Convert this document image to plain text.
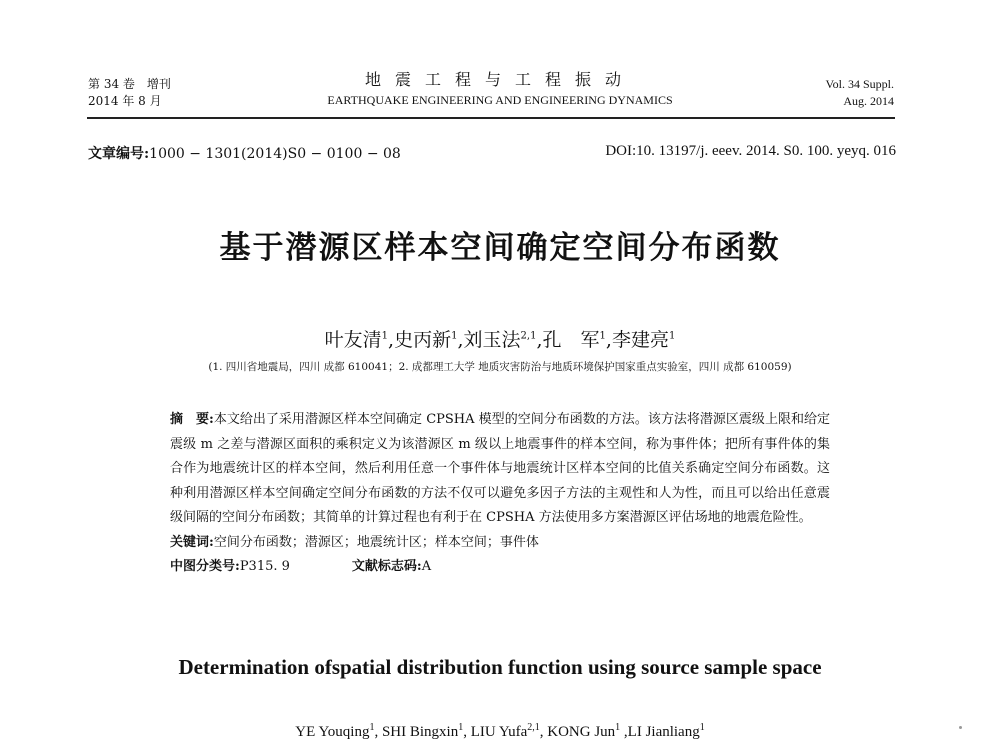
第 34 卷　增刊
2014 年 8 月
地震工程与工程振动
EARTHQUAKE ENGINEERING AND ENGINEERING DYNAMICS
Vol. 34 Suppl.
Aug. 2014
文章编号:1000 − 1301(2014)S0 − 0100 − 08	DOI:10. 13197/j. eeev. 2014. S0. 100. yeyq. 016
基于潜源区样本空间确定空间分布函数
叶友清$^1$,史丙新$^1$,刘玉法$^{2,1}$,孔　军$^1$,李建亮$^1$
(1. 四川省地震局，四川 成都 610041；2. 成都理工大学 地质灾害防治与地质环境保护国家重点实验室，四川 成都 610059)

摘　要:本文给出了采用潜源区样本空间确定 CPSHA 模型的空间分布函数的方法。该方法将潜源区震级上限和给定震级 m 之差与潜源区面积的乘积定义为该潜源区 m 级以上地震事件的样本空间，称为事件体；把所有事件体的集合作为地震统计区的样本空间，然后利用任意一个事件体与地震统计区样本空间的比值关系确定空间分布函数。这种利用潜源区样本空间确定空间分布函数的方法不仅可以避免多因子方法的主观性和人为性，而且可以给出任意震级间隔的空间分布函数；其简单的计算过程也有利于在 CPSHA 方法使用多方案潜源区评估场地的地震危险性。

关键词:空间分布函数；潜源区；地震统计区；样本空间；事件体

中图分类号:P315. 9	文献标志码:A

Determination ofspatial distribution function using source sample space
YE Youqing$^1$, SHI Bingxin$^1$, LIU Yufa$^{2,1}$, KONG Jun$^1$ ,LI Jianliang$^1$
